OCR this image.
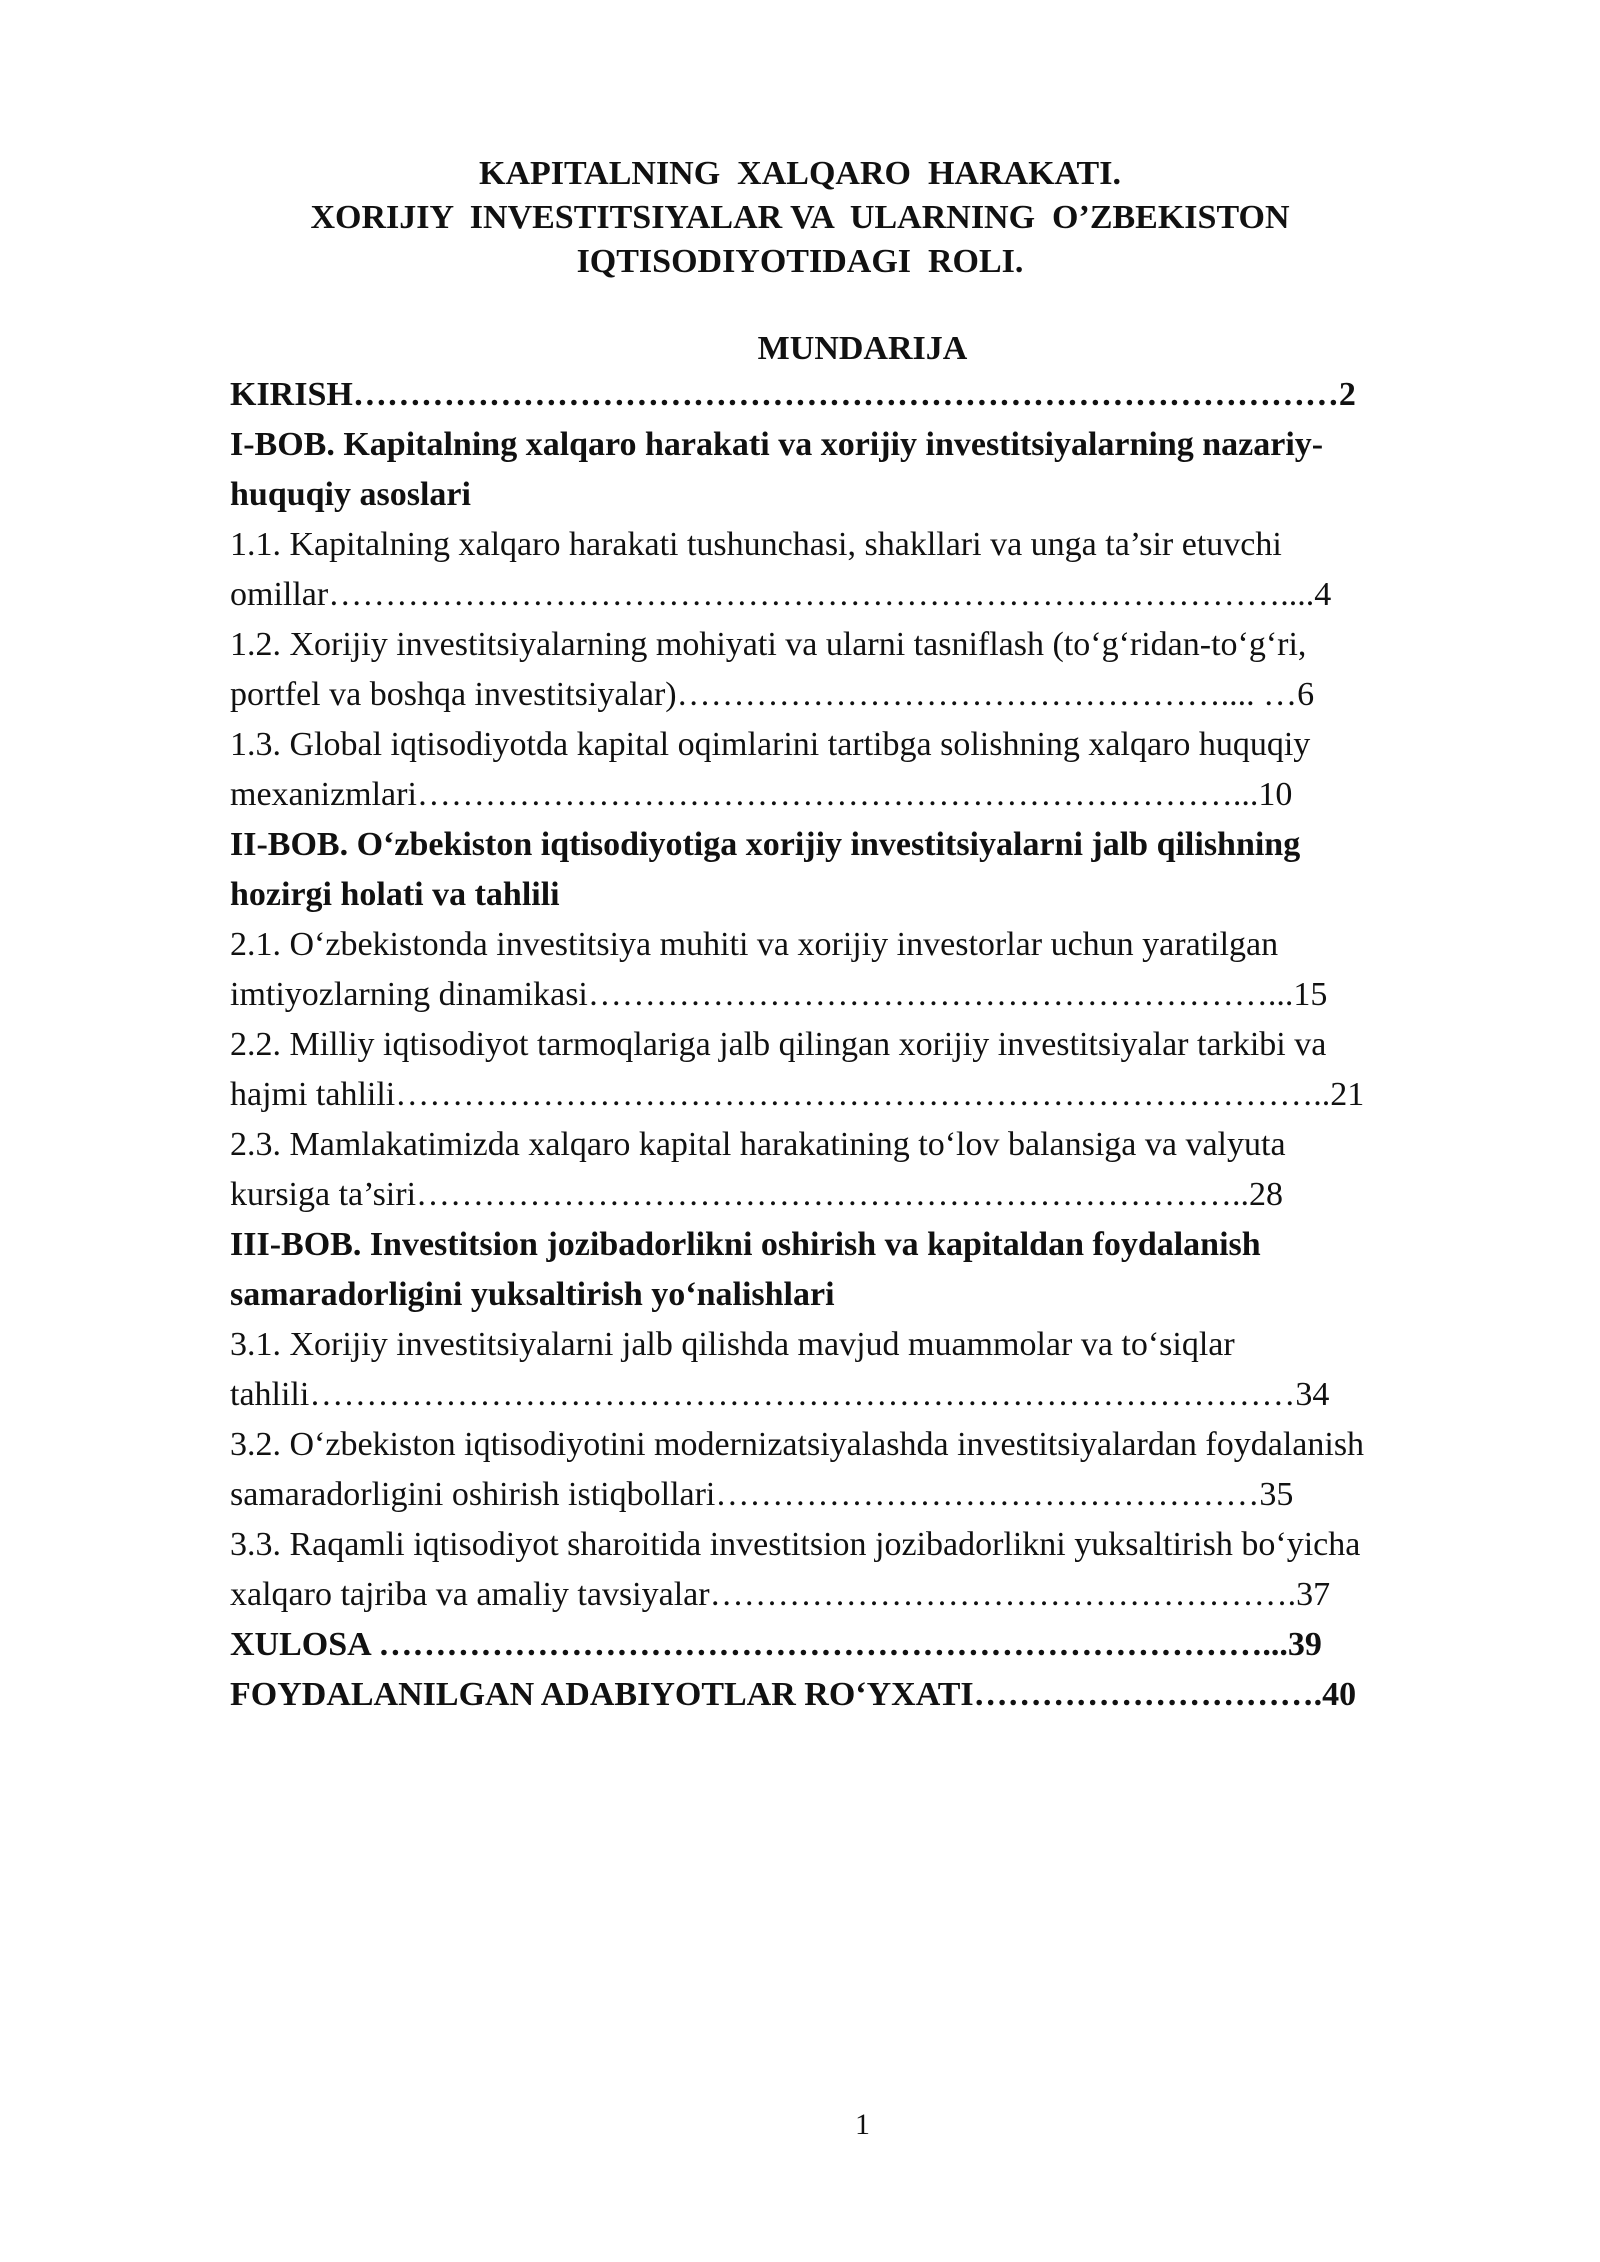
KAPITALNING  XALQARO  HARAKATI.
XORIJIY  INVESTITSIYALAR VA  ULARNING  O’ZBEKISTON
IQTISODIYOTIDAGI  ROLI.
MUNDARIJA
KIRISH……………………………………………………………………………2
I-BOB. Kapitalning xalqaro harakati va xorijiy investitsiyalarning nazariy-
huquqiy asoslari
1.1. Kapitalning xalqaro harakati tushunchasi, shakllari va unga ta’sir etuvchi
omillar…………………………………………………………………………....4
1.2. Xorijiy investitsiyalarning mohiyati va ularni tasniflash (to‘g‘ridan-to‘g‘ri,
portfel va boshqa investitsiyalar)………………………………………….... …6
1.3. Global iqtisodiyotda kapital oqimlarini tartibga solishning xalqaro huquqiy
mexanizmlari………………………………………………………………...10
II-BOB. O‘zbekiston iqtisodiyotiga xorijiy investitsiyalarni jalb qilishning
hozirgi holati va tahlili
2.1. O‘zbekistonda investitsiya muhiti va xorijiy investorlar uchun yaratilgan
imtiyozlarning dinamikasi……………………………………………………...15
2.2. Milliy iqtisodiyot tarmoqlariga jalb qilingan xorijiy investitsiyalar tarkibi va
hajmi tahlili………………………………………………………………………..21
2.3. Mamlakatimizda xalqaro kapital harakatining to‘lov balansiga va valyuta
kursiga ta’siri………………………………………………………………..28
III-BOB. Investitsion jozibadorlikni oshirish va kapitaldan foydalanish
samaradorligini yuksaltirish yo‘nalishlari
3.1. Xorijiy investitsiyalarni jalb qilishda mavjud muammolar va to‘siqlar
tahlili……………………………………………………………………………34
3.2. O‘zbekiston iqtisodiyotini modernizatsiyalashda investitsiyalardan foydalanish
samaradorligini oshirish istiqbollari…………………………………………35
3.3. Raqamli iqtisodiyot sharoitida investitsion jozibadorlikni yuksaltirish bo‘yicha
xalqaro tajriba va amaliy tavsiyalar…………………………………………….37
XULOSA ……………………………………………………………………...39
FOYDALANILGAN ADABIYOTLAR RO‘YXATI………………………….40
1
